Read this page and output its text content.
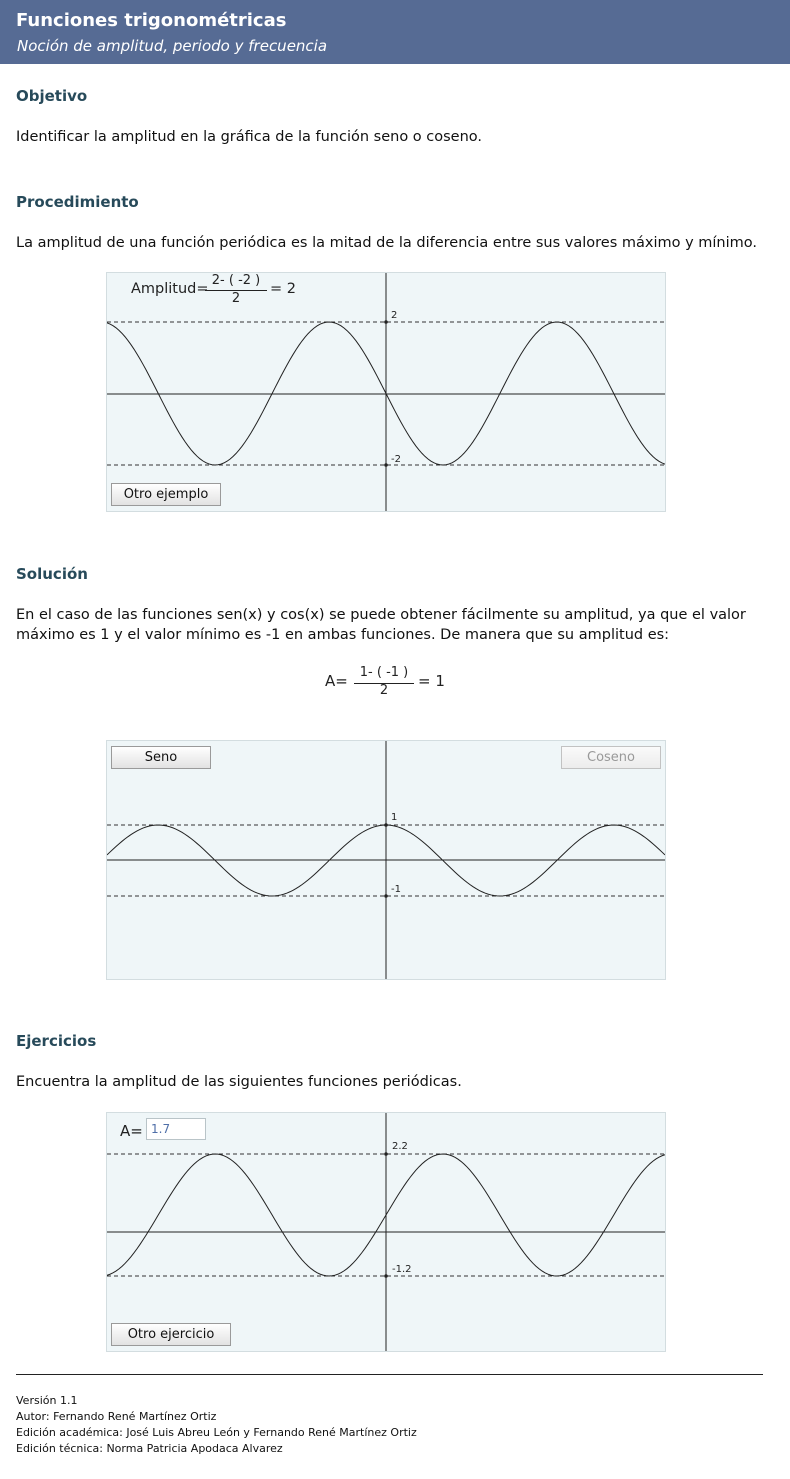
Funciones trigonométricas
Noción de amplitud, periodo y frecuencia
Objetivo
Identificar la amplitud en la gráfica de la función seno o coseno.
Procedimiento
La amplitud de una función periódica es la mitad de la diferencia entre sus valores máximo y mínimo.
2
-2
Amplitud=
2- ( -2 )
2
= 2
Otro ejemplo
Solución
En el caso de las funciones sen(x) y cos(x) se puede obtener fácilmente su amplitud, ya que el valor máximo es 1 y el valor mínimo es -1 en ambas funciones. De manera que su amplitud es:
A= 1- ( -1 )
2
= 1
1
-1
Seno	Coseno
Ejercicios
Encuentra la amplitud de las siguientes funciones periódicas.
2.2
-1.2
A=
1.7
Otro ejercicio
Versión 1.1
Autor: Fernando René Martínez Ortiz
Edición académica: José Luis Abreu León y Fernando René Martínez Ortiz
Edición técnica: Norma Patricia Apodaca Alvarez
